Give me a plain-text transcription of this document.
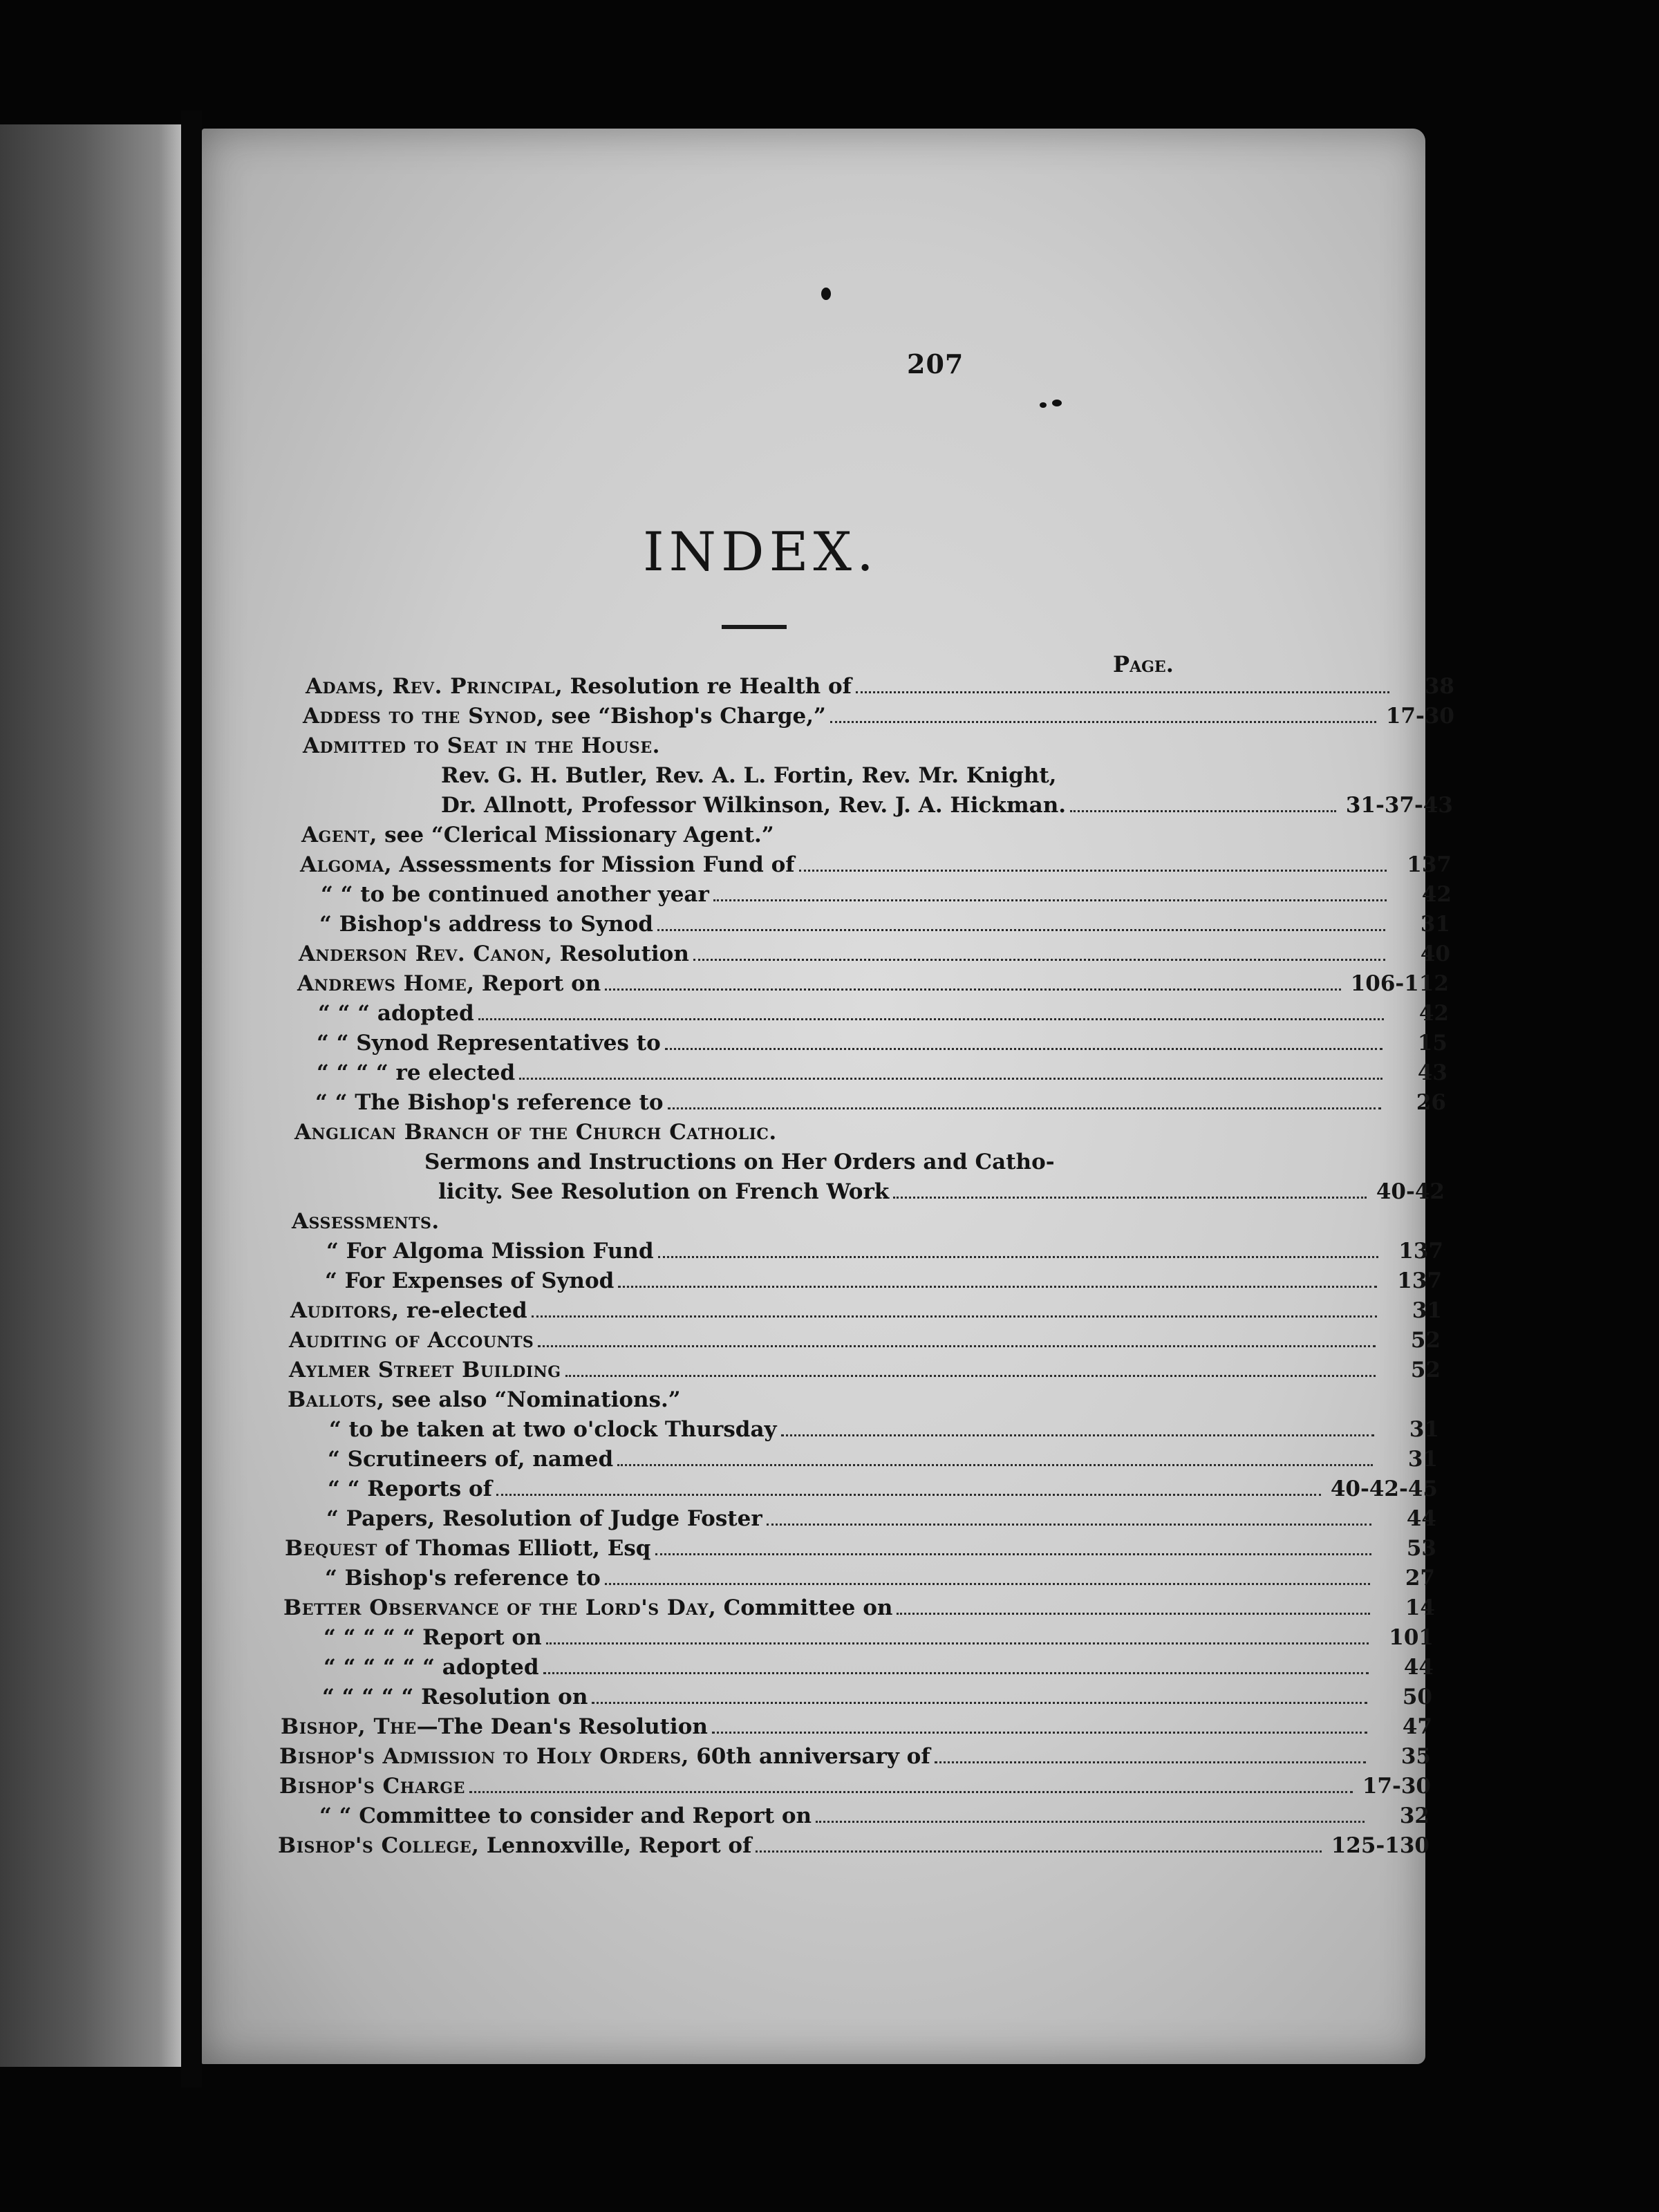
207
INDEX.
Page.
Adams, Rev. Principal, Resolution re Health of	38
Addess to the Synod, see “Bishop's Charge,”	17-30
Admitted to Seat in the House.
Rev. G. H. Butler, Rev. A. L. Fortin, Rev. Mr. Knight,
Dr. Allnott, Professor Wilkinson, Rev. J. A. Hickman.	31-37-43
Agent, see “Clerical Missionary Agent.”
Algoma, Assessments for Mission Fund of	137
“ “ to be continued another year	42
“ Bishop's address to Synod	31
Anderson Rev. Canon, Resolution	40
Andrews Home, Report on	106-112
“ “ “ adopted	42
“ “ Synod Representatives to	15
“ “ “ “ re elected	43
“ “ The Bishop's reference to	26
Anglican Branch of the Church Catholic.
Sermons and Instructions on Her Orders and Catho-
licity. See Resolution on French Work	40-42
Assessments.
“ For Algoma Mission Fund	137
“ For Expenses of Synod	137
Auditors, re-elected	31
Auditing of Accounts	52
Aylmer Street Building	52
Ballots, see also “Nominations.”
“ to be taken at two o'clock Thursday	31
“ Scrutineers of, named	31
“ “ Reports of	40-42-45
“ Papers, Resolution of Judge Foster	44
Bequest of Thomas Elliott, Esq	53
“ Bishop's reference to	27
Better Observance of the Lord's Day, Committee on	14
“ “ “ “ “ Report on	101
“ “ “ “ “ “ adopted	44
“ “ “ “ “ Resolution on	50
Bishop, The—The Dean's Resolution	47
Bishop's Admission to Holy Orders, 60th anniversary of	35
Bishop's Charge	17-30
“ “ Committee to consider and Report on	32
Bishop's College, Lennoxville, Report of	125-130
